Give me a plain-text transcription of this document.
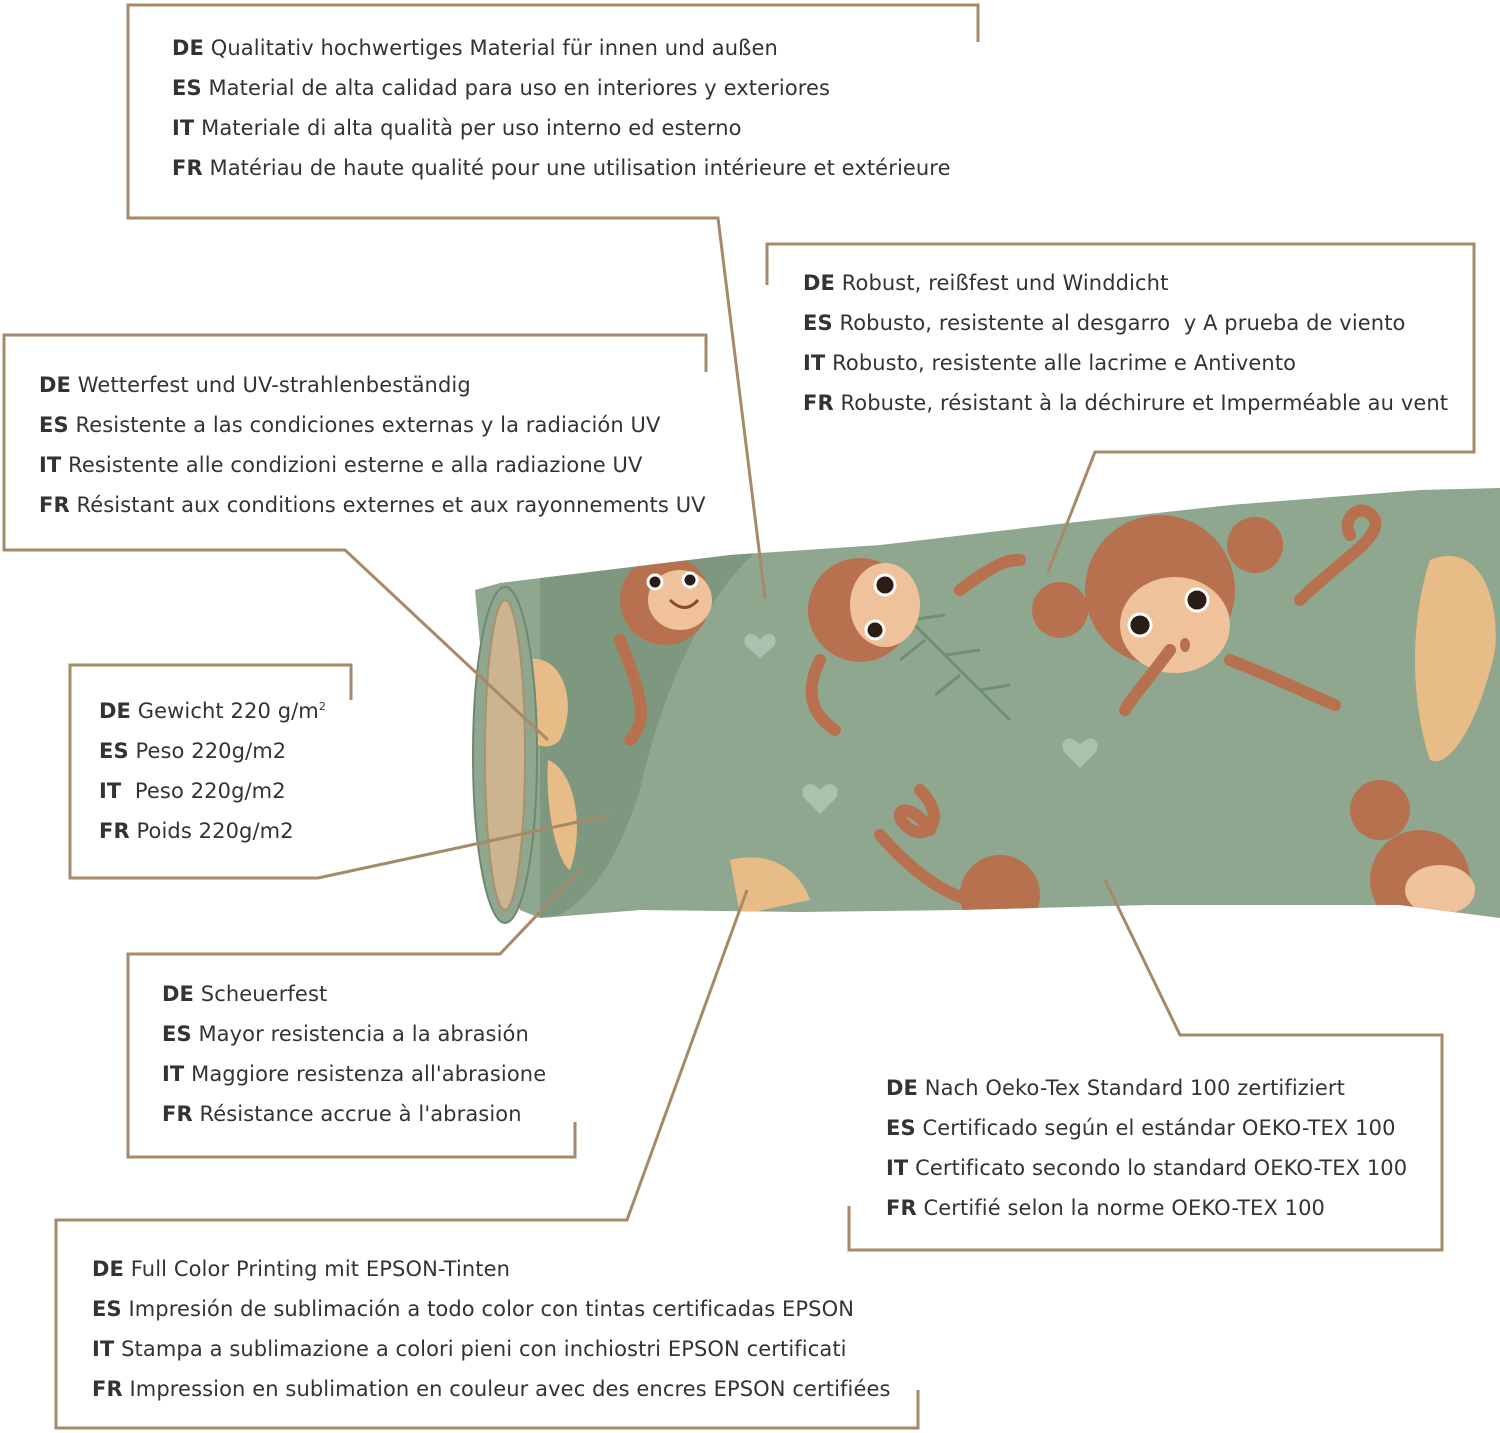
DE Qualitativ hochwertiges Material für innen und außen
ES Material de alta calidad para uso en interiores y exteriores
IT Materiale di alta qualità per uso interno ed esterno
FR Matériau de haute qualité pour une utilisation intérieure et extérieure
DE Robust, reißfest und Winddicht
ES Robusto, resistente al desgarro  y A prueba de viento
IT Robusto, resistente alle lacrime e Antivento
FR Robuste, résistant à la déchirure et Imperméable au vent
DE Wetterfest und UV-strahlenbeständig
ES Resistente a las condiciones externas y la radiación UV
IT Resistente alle condizioni esterne e alla radiazione UV
FR Résistant aux conditions externes et aux rayonnements UV
DE Gewicht 220 $g/m^2$
ES Peso 220g/m2
IT  Peso 220g/m2
FR Poids 220g/m2
DE Scheuerfest
ES Mayor resistencia a la abrasión
IT Maggiore resistenza all'abrasione
FR Résistance accrue à l'abrasion
DE Nach Oeko-Tex Standard 100 zertifiziert
ES Certificado según el estándar OEKO-TEX 100
IT Certificato secondo lo standard OEKO-TEX 100
FR Certifié selon la norme OEKO-TEX 100
DE Full Color Printing mit EPSON-Tinten
ES Impresión de sublimación a todo color con tintas certificadas EPSON
IT Stampa a sublimazione a colori pieni con inchiostri EPSON certificati
FR Impression en sublimation en couleur avec des encres EPSON certifiées
